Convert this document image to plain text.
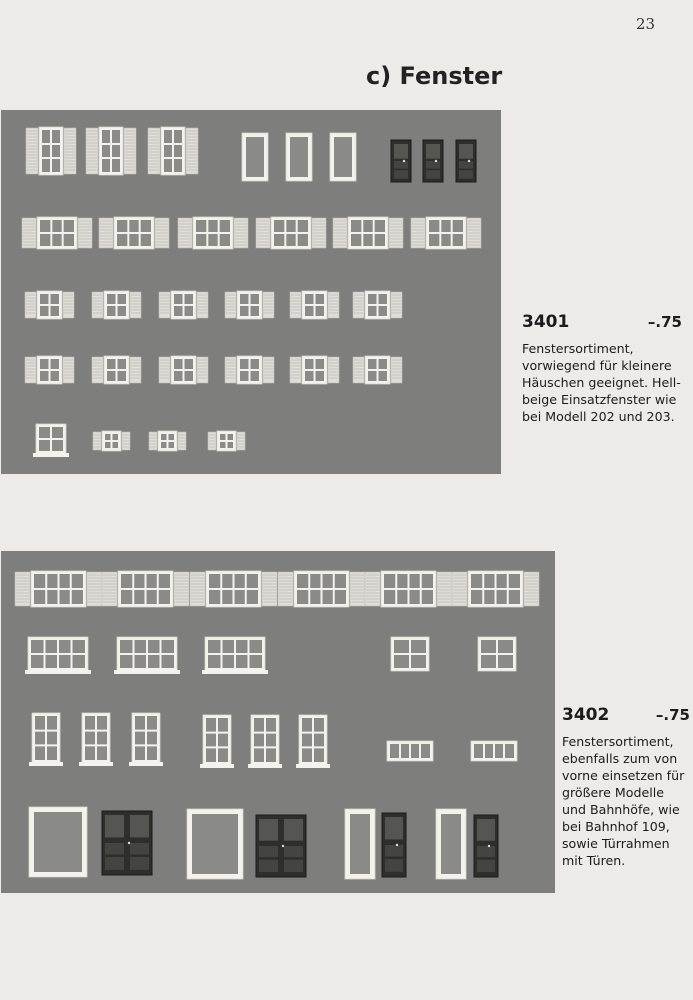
23
c) Fenster
3401	–.75
Fenstersortiment, vorwiegend für kleinere Häuschen geeignet. Hell-beige Einsatzfenster wie bei Modell 202 und 203.
3402	–.75
Fenstersortiment, ebenfalls zum von vorne einsetzen für größere Modelle und Bahnhöfe, wie bei Bahnhof 109, sowie Türrahmen mit Türen.
